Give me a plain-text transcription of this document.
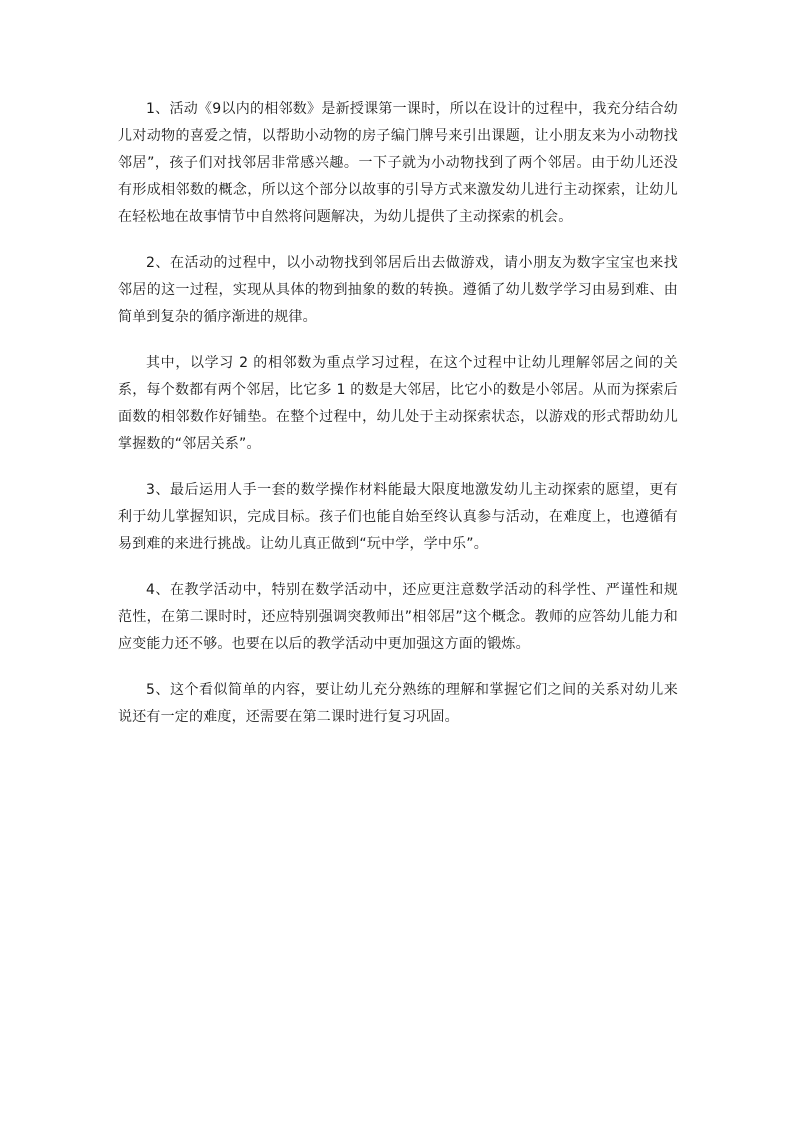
1、活动《9以内的相邻数》是新授课第一课时，所以在设计的过程中，我充分结合幼儿对动物的喜爱之情，以帮助小动物的房子编门牌号来引出课题，让小朋友来为小动物找邻居”，孩子们对找邻居非常感兴趣。一下子就为小动物找到了两个邻居。由于幼儿还没有形成相邻数的概念，所以这个部分以故事的引导方式来激发幼儿进行主动探索，让幼儿在轻松地在故事情节中自然将问题解决，为幼儿提供了主动探索的机会。

2、在活动的过程中，以小动物找到邻居后出去做游戏，请小朋友为数字宝宝也来找邻居的这一过程，实现从具体的物到抽象的数的转换。遵循了幼儿数学学习由易到难、由简单到复杂的循序渐进的规律。

其中，以学习 2 的相邻数为重点学习过程，在这个过程中让幼儿理解邻居之间的关系，每个数都有两个邻居，比它多 1 的数是大邻居，比它小的数是小邻居。从而为探索后面数的相邻数作好铺垫。在整个过程中，幼儿处于主动探索状态，以游戏的形式帮助幼儿掌握数的“邻居关系”。

3、最后运用人手一套的数学操作材料能最大限度地激发幼儿主动探索的愿望，更有利于幼儿掌握知识，完成目标。孩子们也能自始至终认真参与活动，在难度上，也遵循有易到难的来进行挑战。让幼儿真正做到“玩中学，学中乐”。

4、在教学活动中，特别在数学活动中，还应更注意数学活动的科学性、严谨性和规范性，在第二课时时，还应特别强调突教师出”相邻居”这个概念。教师的应答幼儿能力和应变能力还不够。也要在以后的教学活动中更加强这方面的锻炼。

5、这个看似简单的内容，要让幼儿充分熟练的理解和掌握它们之间的关系对幼儿来说还有一定的难度，还需要在第二课时进行复习巩固。
